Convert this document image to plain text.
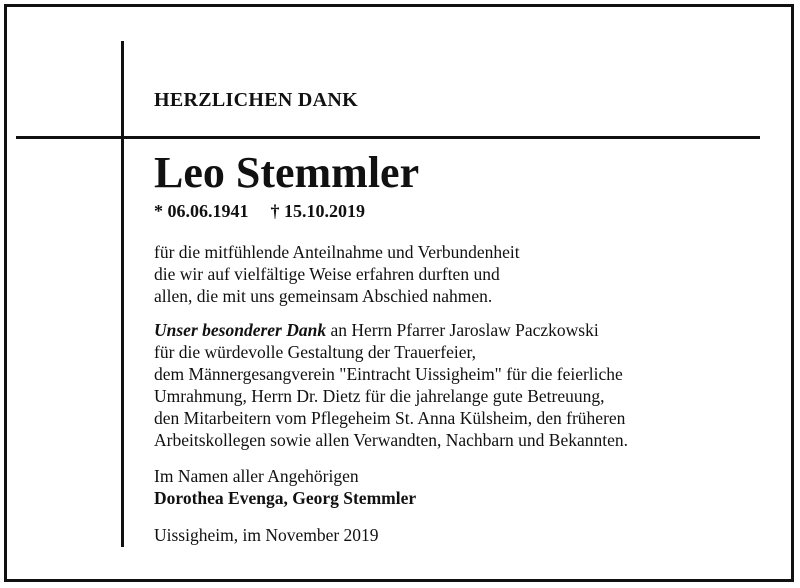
HERZLICHEN DANK
Leo Stemmler
* 06.06.1941 † 15.10.2019
für die mitfühlende Anteilnahme und Verbundenheit
die wir auf vielfältige Weise erfahren durften und
allen, die mit uns gemeinsam Abschied nahmen.
Unser besonderer Dank an Herrn Pfarrer Jaroslaw Paczkowski
für die würdevolle Gestaltung der Trauerfeier,
dem Männergesangverein "Eintracht Uissigheim" für die feierliche
Umrahmung, Herrn Dr. Dietz für die jahrelange gute Betreuung,
den Mitarbeitern vom Pflegeheim St. Anna Külsheim, den früheren
Arbeitskollegen sowie allen Verwandten, Nachbarn und Bekannten.
Im Namen aller Angehörigen
Dorothea Evenga, Georg Stemmler
Uissigheim, im November 2019
